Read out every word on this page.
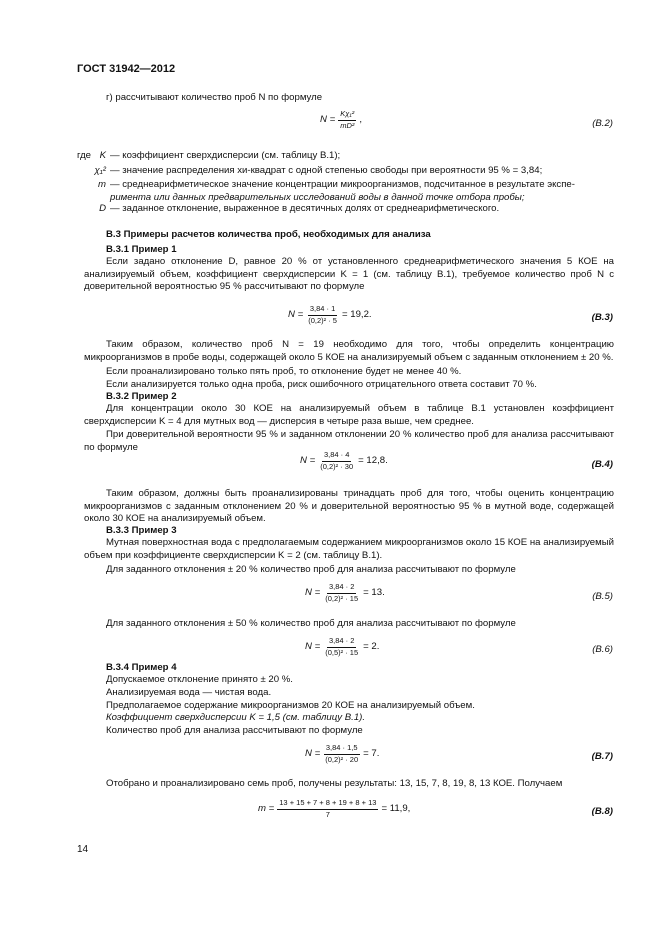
ГОСТ 31942—2012
г) рассчитывают количество проб N по формуле
$N = \frac{\text{Kχ₁²}}{\text{mD²}}$ ,	(В.2)
где K — коэффициент сверхдисперсии (см. таблицу В.1);
χ₁² — значение распределения хи-квадрат с одной степенью свободы при вероятности 95 % = 3,84;
m — среднеарифметическое значение концентрации микроорганизмов, подсчитанное в результате экспе-
римента или данных предварительных исследований воды в данной точке отбора пробы;
D — заданное отклонение, выраженное в десятичных долях от среднеарифметического.
В.3 Примеры расчетов количества проб, необходимых для анализа
В.3.1 Пример 1
Если задано отклонение D, равное 20 % от установленного среднеарифметического значения 5 КОЕ на анализируемый объем, коэффициент сверхдисперсии K = 1 (см. таблицу В.1), требуемое количество проб N с доверительной вероятностью 95 % рассчитывают по формуле
$N = \frac{3,84 \cdot 1}{\text{(0,2)² · 5}} = 19,2$.	(В.3)
Таким образом, количество проб N = 19 необходимо для того, чтобы определить концентрацию микроорганизмов в пробе воды, содержащей около 5 КОЕ на анализируемый объем с заданным отклонением ± 20 %.
Если проанализировано только пять проб, то отклонение будет не менее 40 %.
Если анализируется только одна проба, риск ошибочного отрицательного ответа составит 70 %.
В.3.2 Пример 2
Для концентрации около 30 КОЕ на анализируемый объем в таблице В.1 установлен коэффициент сверхдисперсии K = 4 для мутных вод — дисперсия в четыре раза выше, чем среднее.
При доверительной вероятности 95 % и заданном отклонении 20 % количество проб для анализа рассчитывают по формуле
$N = \frac{3,84 \cdot 4}{\text{(0,2)² · 30}} = 12,8$.	(В.4)
Таким образом, должны быть проанализированы тринадцать проб для того, чтобы оценить концентрацию микроорганизмов с заданным отклонением 20 % и доверительной вероятностью 95 % в мутной воде, содержащей около 30 КОЕ на анализируемый объем.
В.3.3 Пример 3
Мутная поверхностная вода с предполагаемым содержанием микроорганизмов около 15 КОЕ на анализируемый объем при коэффициенте сверхдисперсии K = 2 (см. таблицу В.1).
Для заданного отклонения ± 20 % количество проб для анализа рассчитывают по формуле
$N = \frac{3,84 \cdot 2}{\text{(0,2)² · 15}} = 13$.	(В.5)
Для заданного отклонения ± 50 % количество проб для анализа рассчитывают по формуле
$N = \frac{3,84 \cdot 2}{\text{(0,5)² · 15}} = 2$.	(В.6)
В.3.4 Пример 4
Допускаемое отклонение принято ± 20 %.
Анализируемая вода — чистая вода.
Предполагаемое содержание микроорганизмов 20 КОЕ на анализируемый объем.
Коэффициент сверхдисперсии K = 1,5 (см. таблицу В.1).
Количество проб для анализа рассчитывают по формуле
$N = \frac{3,84 \cdot 1,5}{\text{(0,2)² · 20}} = 7$.	(В.7)
Отобрано и проанализировано семь проб, получены результаты: 13, 15, 7, 8, 19, 8, 13 КОЕ. Получаем
$m = \frac{13 + 15 + 7 + 8 + 19 + 8 + 13}{7} = 11,9$,	(В.8)
14
